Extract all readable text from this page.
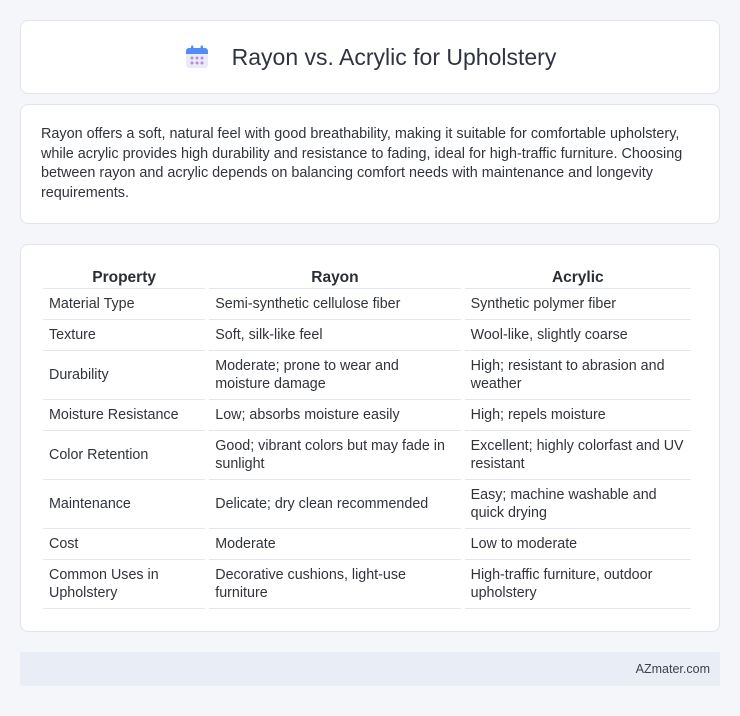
Rayon vs. Acrylic for Upholstery

Rayon offers a soft, natural feel with good breathability, making it suitable for comfortable upholstery, while acrylic provides high durability and resistance to fading, ideal for high-traffic furniture. Choosing between rayon and acrylic depends on balancing comfort needs with maintenance and longevity requirements.

Property	Rayon	Acrylic
Material Type	Semi-synthetic cellulose fiber	Synthetic polymer fiber
Texture	Soft, silk-like feel	Wool-like, slightly coarse
Durability	Moderate; prone to wear and moisture damage	High; resistant to abrasion and weather
Moisture Resistance	Low; absorbs moisture easily	High; repels moisture
Color Retention	Good; vibrant colors but may fade in sunlight	Excellent; highly colorfast and UV resistant
Maintenance	Delicate; dry clean recommended	Easy; machine washable and quick drying
Cost	Moderate	Low to moderate
Common Uses in Upholstery	Decorative cushions, light-use furniture	High-traffic furniture, outdoor upholstery
AZmater.com
